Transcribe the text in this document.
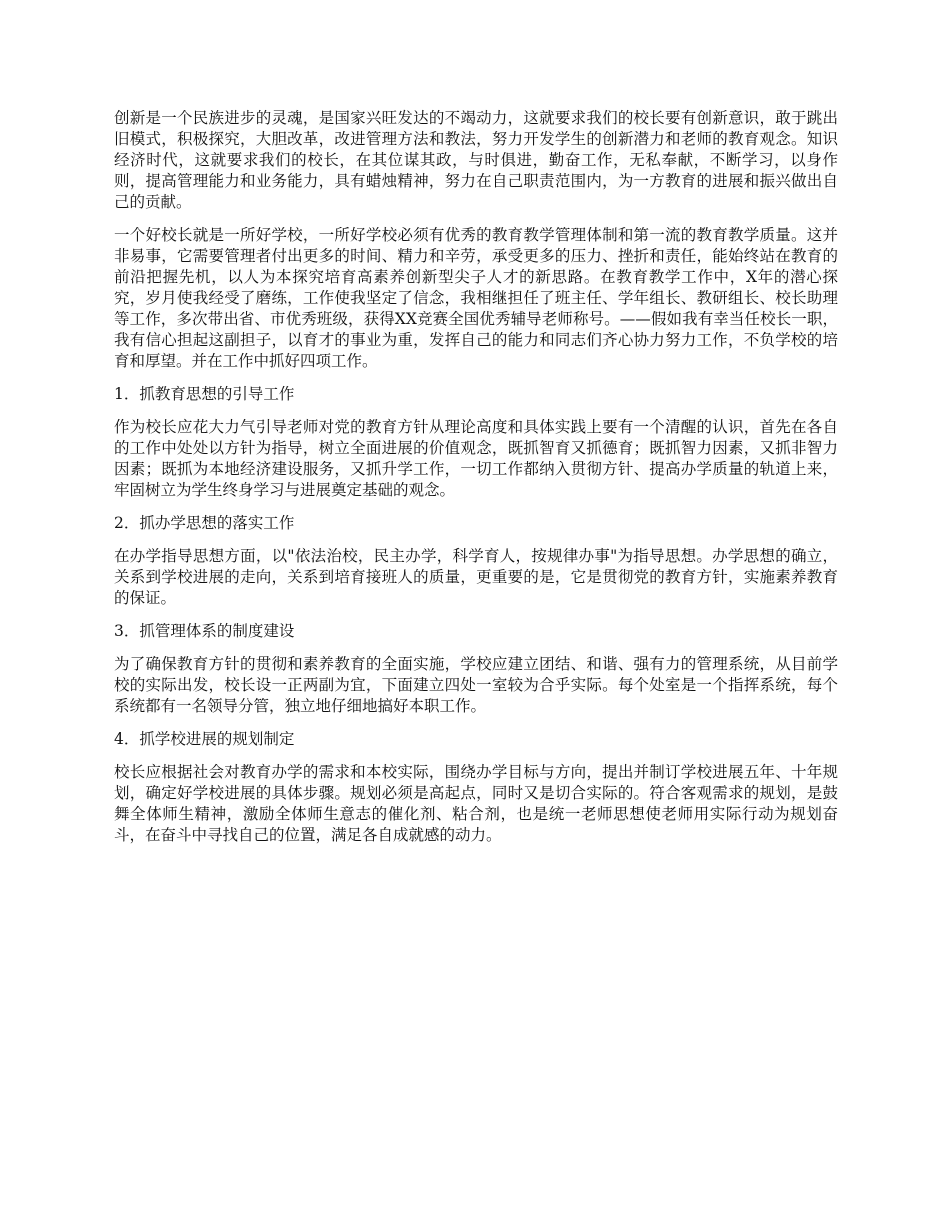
创新是一个民族进步的灵魂，是国家兴旺发达的不竭动力，这就要求我们的校长要有创新意识，敢于跳出旧模式，积极探究，大胆改革，改进管理方法和教法，努力开发学生的创新潜力和老师的教育观念。知识经济时代，这就要求我们的校长，在其位谋其政，与时俱进，勤奋工作，无私奉献，不断学习，以身作则，提高管理能力和业务能力，具有蜡烛精神，努力在自己职责范围内，为一方教育的进展和振兴做出自己的贡献。

一个好校长就是一所好学校，一所好学校必须有优秀的教育教学管理体制和第一流的教育教学质量。这并非易事，它需要管理者付出更多的时间、精力和辛劳，承受更多的压力、挫折和责任，能始终站在教育的前沿把握先机，以人为本探究培育高素养创新型尖子人才的新思路。在教育教学工作中，X年的潜心探究，岁月使我经受了磨练，工作使我坚定了信念，我相继担任了班主任、学年组长、教研组长、校长助理等工作，多次带出省、市优秀班级，获得XX竞赛全国优秀辅导老师称号。——假如我有幸当任校长一职，我有信心担起这副担子，以育才的事业为重，发挥自己的能力和同志们齐心协力努力工作，不负学校的培育和厚望。并在工作中抓好四项工作。

1．抓教育思想的引导工作

作为校长应花大力气引导老师对党的教育方针从理论高度和具体实践上要有一个清醒的认识，首先在各自的工作中处处以方针为指导，树立全面进展的价值观念，既抓智育又抓德育；既抓智力因素，又抓非智力因素；既抓为本地经济建设服务，又抓升学工作，一切工作都纳入贯彻方针、提高办学质量的轨道上来，牢固树立为学生终身学习与进展奠定基础的观念。

2．抓办学思想的落实工作

在办学指导思想方面，以"依法治校，民主办学，科学育人，按规律办事"为指导思想。办学思想的确立，关系到学校进展的走向，关系到培育接班人的质量，更重要的是，它是贯彻党的教育方针，实施素养教育的保证。

3．抓管理体系的制度建设

为了确保教育方针的贯彻和素养教育的全面实施，学校应建立团结、和谐、强有力的管理系统，从目前学校的实际出发，校长设一正两副为宜，下面建立四处一室较为合乎实际。每个处室是一个指挥系统，每个系统都有一名领导分管，独立地仔细地搞好本职工作。

4．抓学校进展的规划制定

校长应根据社会对教育办学的需求和本校实际，围绕办学目标与方向，提出并制订学校进展五年、十年规划，确定好学校进展的具体步骤。规划必须是高起点，同时又是切合实际的。符合客观需求的规划，是鼓舞全体师生精神，激励全体师生意志的催化剂、粘合剂，也是统一老师思想使老师用实际行动为规划奋斗，在奋斗中寻找自己的位置，满足各自成就感的动力。
